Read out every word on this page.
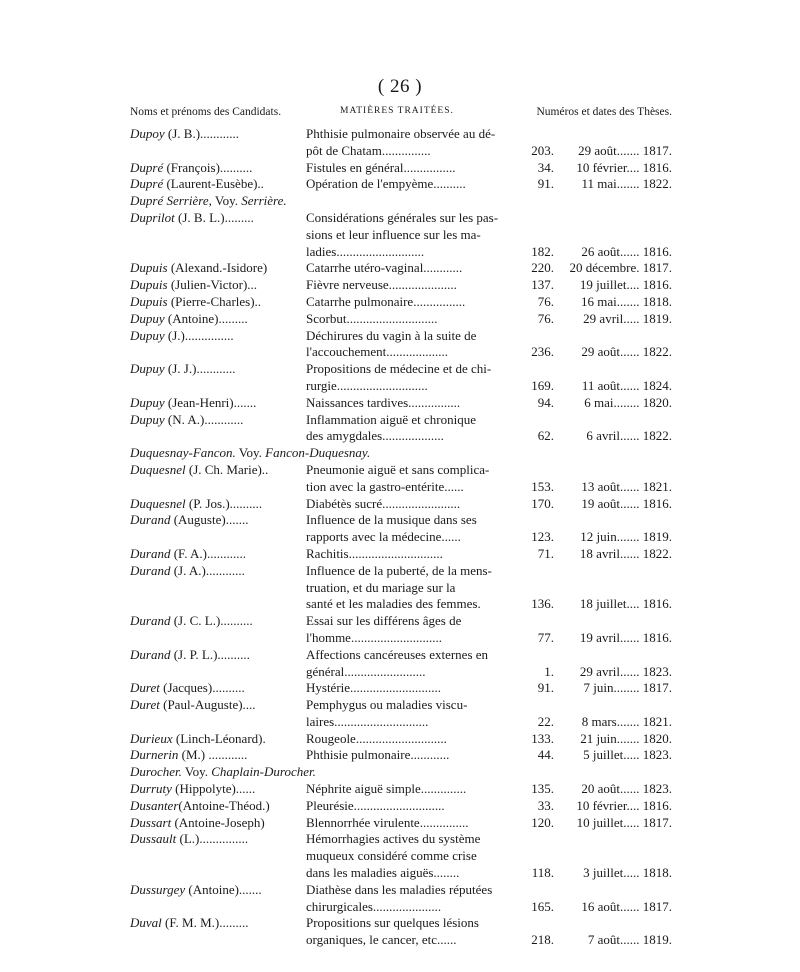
( 26 )
Noms et prénoms des Candidats.	MATIÈRES TRAITÉES.	Numéros et dates des Thèses.
Dupoy (J. B.)............	Phthisie pulmonaire observée au dé-
pôt de Chatam...............	203.	29 août....... 1817.
Dupré (François)..........	Fistules en général................	34.	10 février.... 1816.
Dupré (Laurent-Eusèbe)..	Opération de l'empyème..........	91.	11 mai....... 1822.
Dupré Serrière, Voy. Serrière.
Duprilot (J. B. L.).........	Considérations générales sur les pas-
sions et leur influence sur les ma-
ladies...........................	182.	26 août...... 1816.
Dupuis (Alexand.-Isidore)	Catarrhe utéro-vaginal............	220.	20 décembre. 1817.
Dupuis (Julien-Victor)...	Fièvre nerveuse.....................	137.	19 juillet.... 1816.
Dupuis (Pierre-Charles)..	Catarrhe pulmonaire................	76.	16 mai....... 1818.
Dupuy (Antoine).........	Scorbut............................	76.	29 avril..... 1819.
Dupuy (J.)...............	Déchirures du vagin à la suite de
l'accouchement...................	236.	29 août...... 1822.
Dupuy (J. J.)............	Propositions de médecine et de chi-
rurgie............................	169.	11 août...... 1824.
Dupuy (Jean-Henri).......	Naissances tardives................	94.	6 mai........ 1820.
Dupuy (N. A.)............	Inflammation aiguë et chronique
des amygdales...................	62.	6 avril...... 1822.
Duquesnay-Fancon. Voy. Fancon-Duquesnay.
Duquesnel (J. Ch. Marie)..	Pneumonie aiguë et sans complica-
tion avec la gastro-entérite......	153.	13 août...... 1821.
Duquesnel (P. Jos.)..........	Diabétès sucré........................	170.	19 août...... 1816.
Durand (Auguste).......	Influence de la musique dans ses
rapports avec la médecine......	123.	12 juin....... 1819.
Durand (F. A.)............	Rachitis.............................	71.	18 avril...... 1822.
Durand (J. A.)............	Influence de la puberté, de la mens-
truation, et du mariage sur la
santé et les maladies des femmes.	136.	18 juillet.... 1816.
Durand (J. C. L.)..........	Essai sur les différens âges de
l'homme............................	77.	19 avril...... 1816.
Durand (J. P. L.)..........	Affections cancéreuses externes en
général.........................	1.	29 avril...... 1823.
Duret (Jacques)..........	Hystérie............................	91.	7 juin........ 1817.
Duret (Paul-Auguste)....	Pemphygus ou maladies viscu-
laires.............................	22.	8 mars....... 1821.
Durieux (Linch-Léonard).	Rougeole............................	133.	21 juin....... 1820.
Durnerin (M.) ............	Phthisie pulmonaire............	44.	5 juillet..... 1823.
Durocher. Voy. Chaplain-Durocher.
Durruty (Hippolyte)......	Néphrite aiguë simple..............	135.	20 août...... 1823.
Dusanter(Antoine-Théod.)	Pleurésie............................	33.	10 février.... 1816.
Dussart (Antoine-Joseph)	Blennorrhée virulente...............	120.	10 juillet..... 1817.
Dussault (L.)...............	Hémorrhagies actives du système
muqueux considéré comme crise
dans les maladies aiguës........	118.	3 juillet..... 1818.
Dussurgey (Antoine).......	Diathèse dans les maladies réputées
chirurgicales.....................	165.	16 août...... 1817.
Duval (F. M. M.).........	Propositions sur quelques lésions
organiques, le cancer, etc......	218.	7 août...... 1819.
